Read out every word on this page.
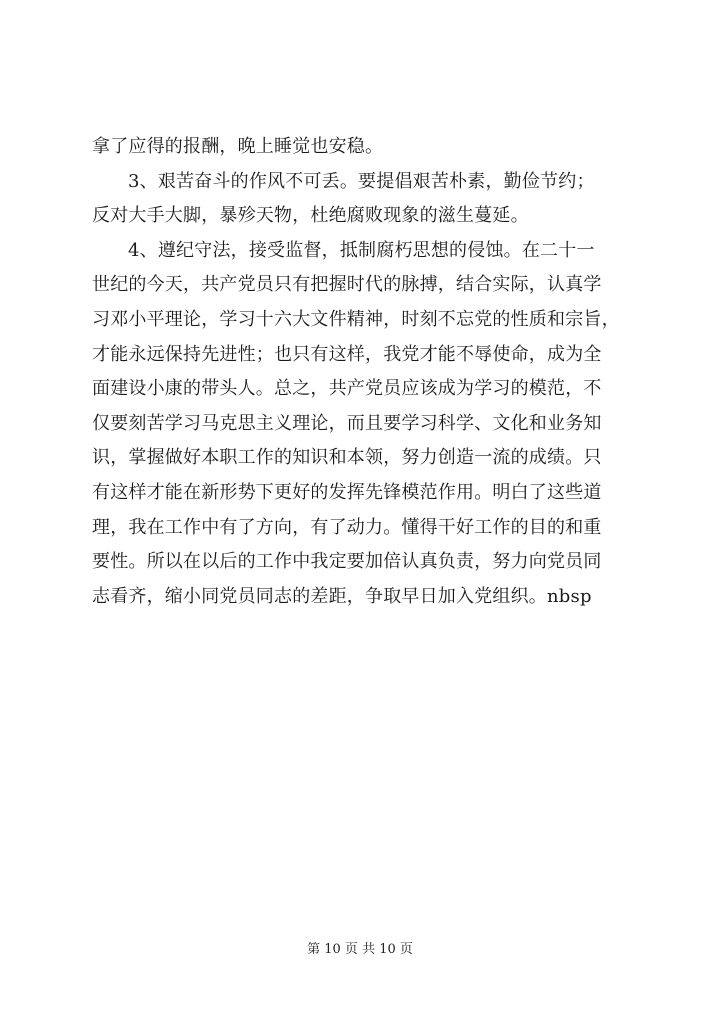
拿了应得的报酬，晚上睡觉也安稳。
3、艰苦奋斗的作风不可丢。要提倡艰苦朴素，勤俭节约；
反对大手大脚，暴殄天物，杜绝腐败现象的滋生蔓延。
4、遵纪守法，接受监督，抵制腐朽思想的侵蚀。在二十一
世纪的今天，共产党员只有把握时代的脉搏，结合实际，认真学
习邓小平理论，学习十六大文件精神，时刻不忘党的性质和宗旨，
才能永远保持先进性；也只有这样，我党才能不辱使命，成为全
面建设小康的带头人。总之，共产党员应该成为学习的模范，不
仅要刻苦学习马克思主义理论，而且要学习科学、文化和业务知
识，掌握做好本职工作的知识和本领，努力创造一流的成绩。只
有这样才能在新形势下更好的发挥先锋模范作用。明白了这些道
理，我在工作中有了方向，有了动力。懂得干好工作的目的和重
要性。所以在以后的工作中我定要加倍认真负责，努力向党员同
志看齐，缩小同党员同志的差距，争取早日加入党组织。nbsp
第 10 页 共 10 页
